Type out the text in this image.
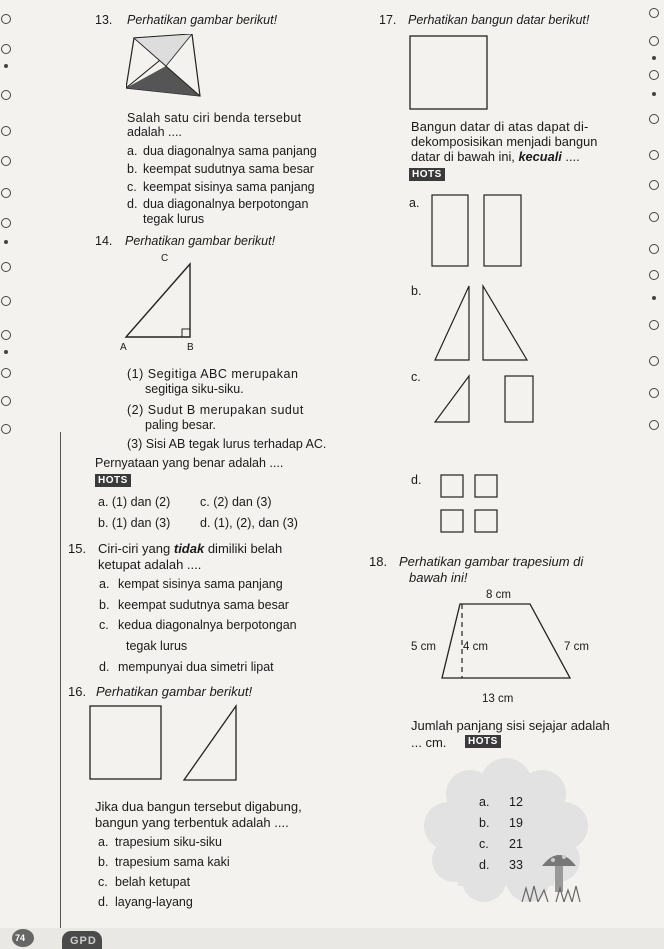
13. Perhatikan gambar berikut!
Salah satu ciri benda tersebut
adalah ....
a. dua diagonalnya sama panjang
b. keempat sudutnya sama besar
c. keempat sisinya sama panjang
d. dua diagonalnya berpotongan
tegak lurus
14. Perhatikan gambar berikut!
C
A	B
(1) Segitiga ABC merupakan
segitiga siku-siku.
(2) Sudut B merupakan sudut
paling besar.
(3) Sisi AB tegak lurus terhadap AC.
Pernyataan yang benar adalah ....
HOTS
a. (1) dan (2) c. (2) dan (3)
b. (1) dan (3) d. (1), (2), dan (3)
15. Ciri-ciri yang tidak dimiliki belah
ketupat adalah ....
a. kempat sisinya sama panjang
b. keempat sudutnya sama besar
c. kedua diagonalnya berpotongan
tegak lurus
d. mempunyai dua simetri lipat
16. Perhatikan gambar berikut!
Jika dua bangun tersebut digabung,
bangun yang terbentuk adalah ....
a. trapesium siku-siku
b. trapesium sama kaki
c. belah ketupat
d. layang-layang
17. Perhatikan bangun datar berikut!
Bangun datar di atas dapat di-
dekomposisikan menjadi bangun
datar di bawah ini, kecuali ....
HOTS
a.
b.
c.
d.
18. Perhatikan gambar trapesium di
bawah ini!
8 cm
5 cm 4 cm	7 cm
13 cm
Jumlah panjang sisi sejajar adalah
... cm.	HOTS
a. 12
b. 19
c. 21
d. 33
74	GPD
